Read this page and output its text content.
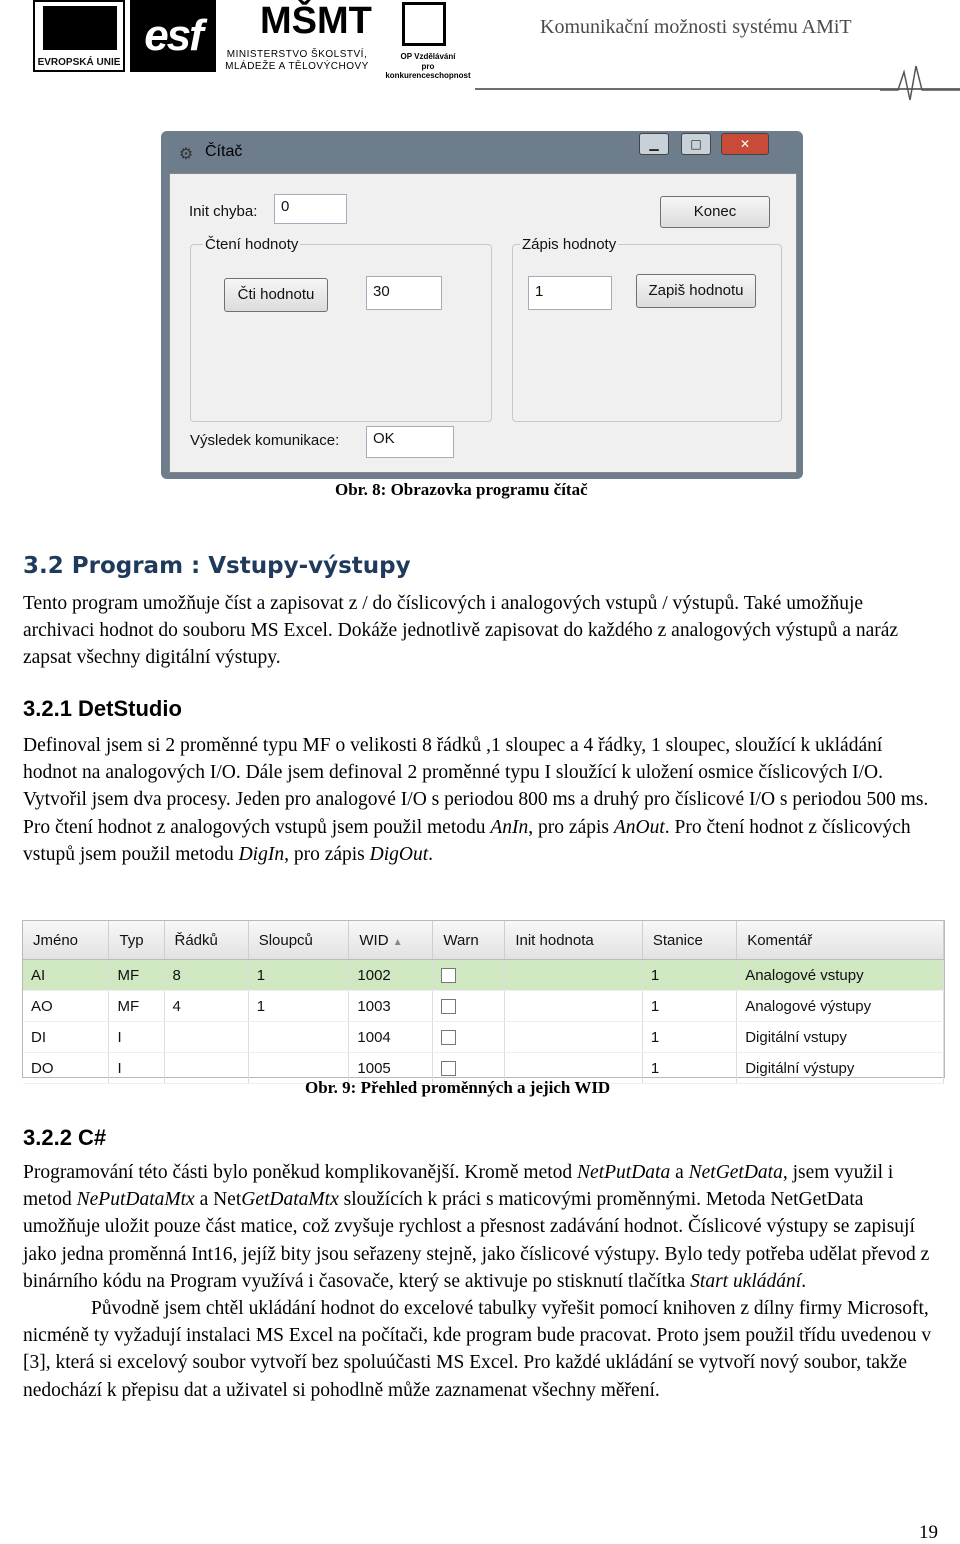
EVROPSKÁ UNIE
esf	MŠMT
MINISTERSTVO ŠKOLSTVÍ,
MLÁDEŽE A TĚLOVÝCHOVY
OP Vzdělávání
pro konkurenceschopnost
Komunikační možnosti systému AMiT
⚙ Čítač	▁	□	✕
Init chyba:	0	Konec
Čtení hodnoty
Čti hodnotu	30
Zápis hodnoty
1	Zapiš hodnotu
Výsledek komunikace:	OK
Obr. 8: Obrazovka programu čítač
3.2 Program : Vstupy-výstupy

Tento program umožňuje číst a zapisovat z / do číslicových i analogových vstupů / výstupů. Také umožňuje archivaci hodnot do souboru MS Excel. Dokáže jednotlivě zapisovat do každého z analogových výstupů a naráz zapsat všechny digitální výstupy.

3.2.1 DetStudio

Definoval jsem si 2 proměnné typu MF o velikosti 8 řádků ,1 sloupec a 4 řádky, 1 sloupec, sloužící k ukládání hodnot na analogových I/O. Dále jsem definoval 2 proměnné typu I sloužící k uložení osmice číslicových I/O. Vytvořil jsem dva procesy. Jeden pro analogové I/O s periodou 800 ms a druhý pro číslicové I/O s periodou 500 ms. Pro čtení hodnot z analogových vstupů jsem použil metodu AnIn, pro zápis AnOut. Pro čtení hodnot z číslicových vstupů jsem použil metodu DigIn, pro zápis DigOut.

Jméno	Typ	Řádků	Sloupců	WID ▲	Warn	Init hodnota	Stanice	Komentář
AI	MF	8	1	1002			1	Analogové vstupy
AO	MF	4	1	1003			1	Analogové výstupy
DI	I			1004			1	Digitální vstupy
DO	I			1005			1	Digitální výstupy
Obr. 9: Přehled proměnných a jejich WID
3.2.2 C#

Programování této části bylo poněkud komplikovanější. Kromě metod NetPutData a NetGetData, jsem využil i metod NePutDataMtx a NetGetDataMtx sloužících k práci s maticovými proměnnými. Metoda NetGetData umožňuje uložit pouze část matice, což zvyšuje rychlost a přesnost zadávání hodnot. Číslicové výstupy se zapisují jako jedna proměnná Int16, jejíž bity jsou seřazeny stejně, jako číslicové výstupy. Bylo tedy potřeba udělat převod z binárního kódu na Program využívá i časovače, který se aktivuje po stisknutí tlačítka Start ukládání.

Původně jsem chtěl ukládání hodnot do excelové tabulky vyřešit pomocí knihoven z dílny firmy Microsoft, nicméně ty vyžadují instalaci MS Excel na počítači, kde program bude pracovat. Proto jsem použil třídu uvedenou v [3], která si excelový soubor vytvoří bez spoluúčasti MS Excel. Pro každé ukládání se vytvoří nový soubor, takže nedochází k přepisu dat a uživatel si pohodlně může zaznamenat všechny měření.

19
